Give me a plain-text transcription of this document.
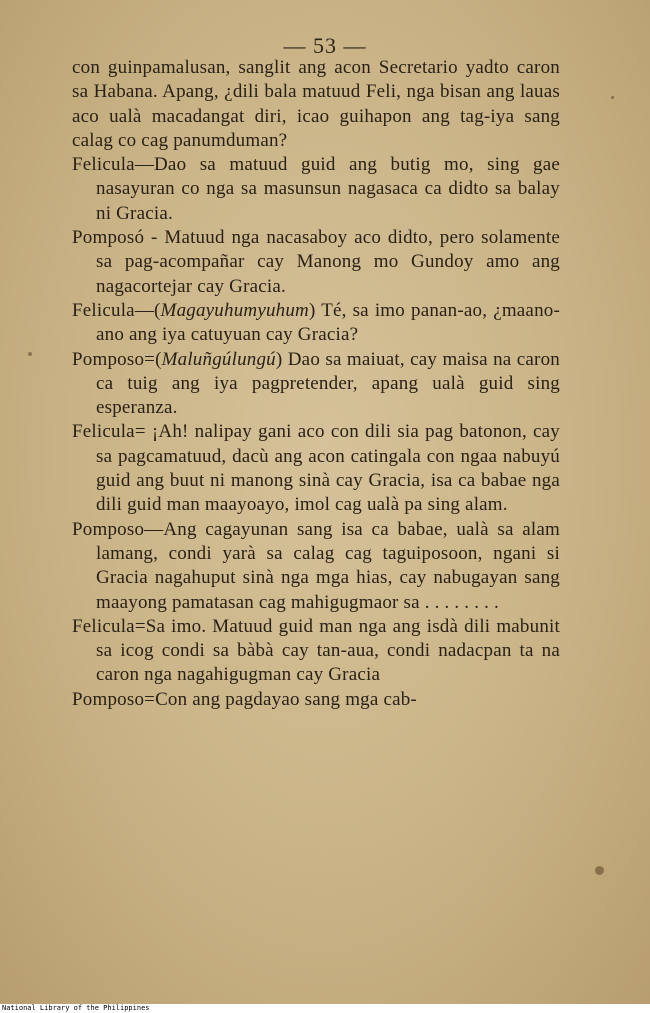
— 53 —
con guinpamalusan, sanglit ang acon Secretario yadto caron sa Habana. Apang, ¿dili bala matuud Feli, nga bisan ang lauas aco ualà macadangat diri, icao guihapon ang tag-iya sang calag co cag panumduman?
Felicula—Dao sa matuud guid ang butig mo, sing gae nasayuran co nga sa masunsun nagasaca ca didto sa balay ni Gracia.
Pomposó - Matuud nga nacasaboy aco didto, pero solamente sa pag-acompañar cay Manong mo Gundoy amo ang nagacortejar cay Gracia.
Felicula—(Magayuhumyuhum) Té, sa imo panan-ao, ¿maano-ano ang iya catuyuan cay Gracia?
Pomposo=(Maluñgúlungú) Dao sa maiuat, cay maisa na caron ca tuig ang iya pagpretender, apang ualà guid sing esperanza.
Felicula= ¡Ah! nalipay gani aco con dili sia pag batonon, cay sa pagcamatuud, dacù ang acon catingala con ngaa nabuyú guid ang buut ni manong sinà cay Gracia, isa ca babae nga dili guid man maayoayo, imol cag ualà pa sing alam.
Pomposo—Ang cagayunan sang isa ca babae, ualà sa alam lamang, condi yarà sa calag cag taguiposoon, ngani si Gracia nagahuput sinà nga mga hias, cay nabugayan sang maayong pamatasan cag mahigugmaor sa . . . . . . . .
Felicula=Sa imo. Matuud guid man nga ang isdà dili mabunit sa icog condi sa bàbà cay tan-aua, condi nadacpan ta na caron nga nagahigugman cay Gracia
Pomposo=Con ang pagdayao sang mga cab-
National Library of the Philippines
